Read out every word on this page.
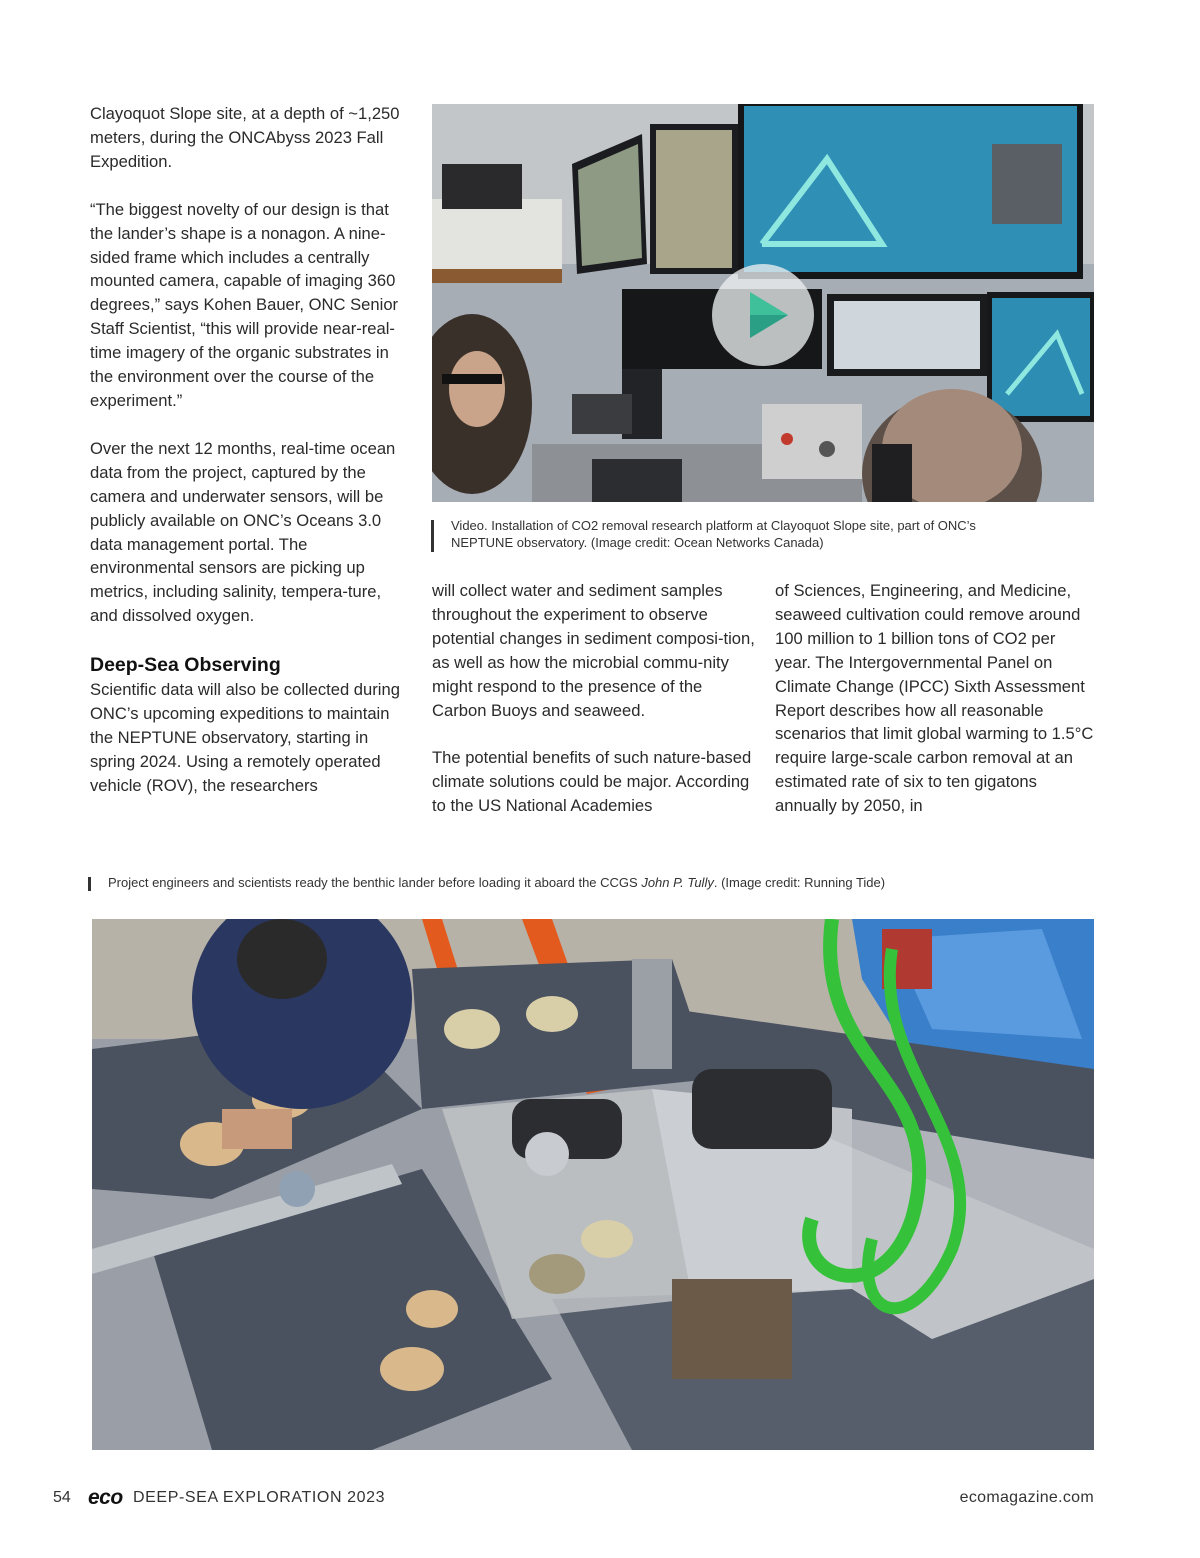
Clayoquot Slope site, at a depth of ~1,250 meters, during the ONCAbyss 2023 Fall Expedition.

“The biggest novelty of our design is that the lander’s shape is a nonagon. A nine-sided frame which includes a centrally mounted camera, capable of imaging 360 degrees,” says Kohen Bauer, ONC Senior Staff Scientist, “this will provide near-real-time imagery of the organic substrates in the environment over the course of the experiment.”

Over the next 12 months, real-time ocean data from the project, captured by the camera and underwater sensors, will be publicly available on ONC’s Oceans 3.0 data management portal. The environmental sensors are picking up metrics, including salinity, tempera-ture, and dissolved oxygen.

Deep-Sea Observing

Scientific data will also be collected during ONC’s upcoming expeditions to maintain the NEPTUNE observatory, starting in spring 2024. Using a remotely operated vehicle (ROV), the researchers

Video. Installation of CO2 removal research platform at Clayoquot Slope site, part of ONC’s NEPTUNE observatory. (Image credit: Ocean Networks Canada)

will collect water and sediment samples throughout the experiment to observe potential changes in sediment composi-tion, as well as how the microbial commu-nity might respond to the presence of the Carbon Buoys and seaweed.

The potential benefits of such nature-based climate solutions could be major. According to the US National Academies

of Sciences, Engineering, and Medicine, seaweed cultivation could remove around 100 million to 1 billion tons of CO2 per year. The Intergovernmental Panel on Climate Change (IPCC) Sixth Assessment Report describes how all reasonable scenarios that limit global warming to 1.5°C require large-scale carbon removal at an estimated rate of six to ten gigatons annually by 2050, in

Project engineers and scientists ready the benthic lander before loading it aboard the CCGS John P. Tully. (Image credit: Running Tide)
54 eco DEEP-SEA EXPLORATION 2023	ecomagazine.com
